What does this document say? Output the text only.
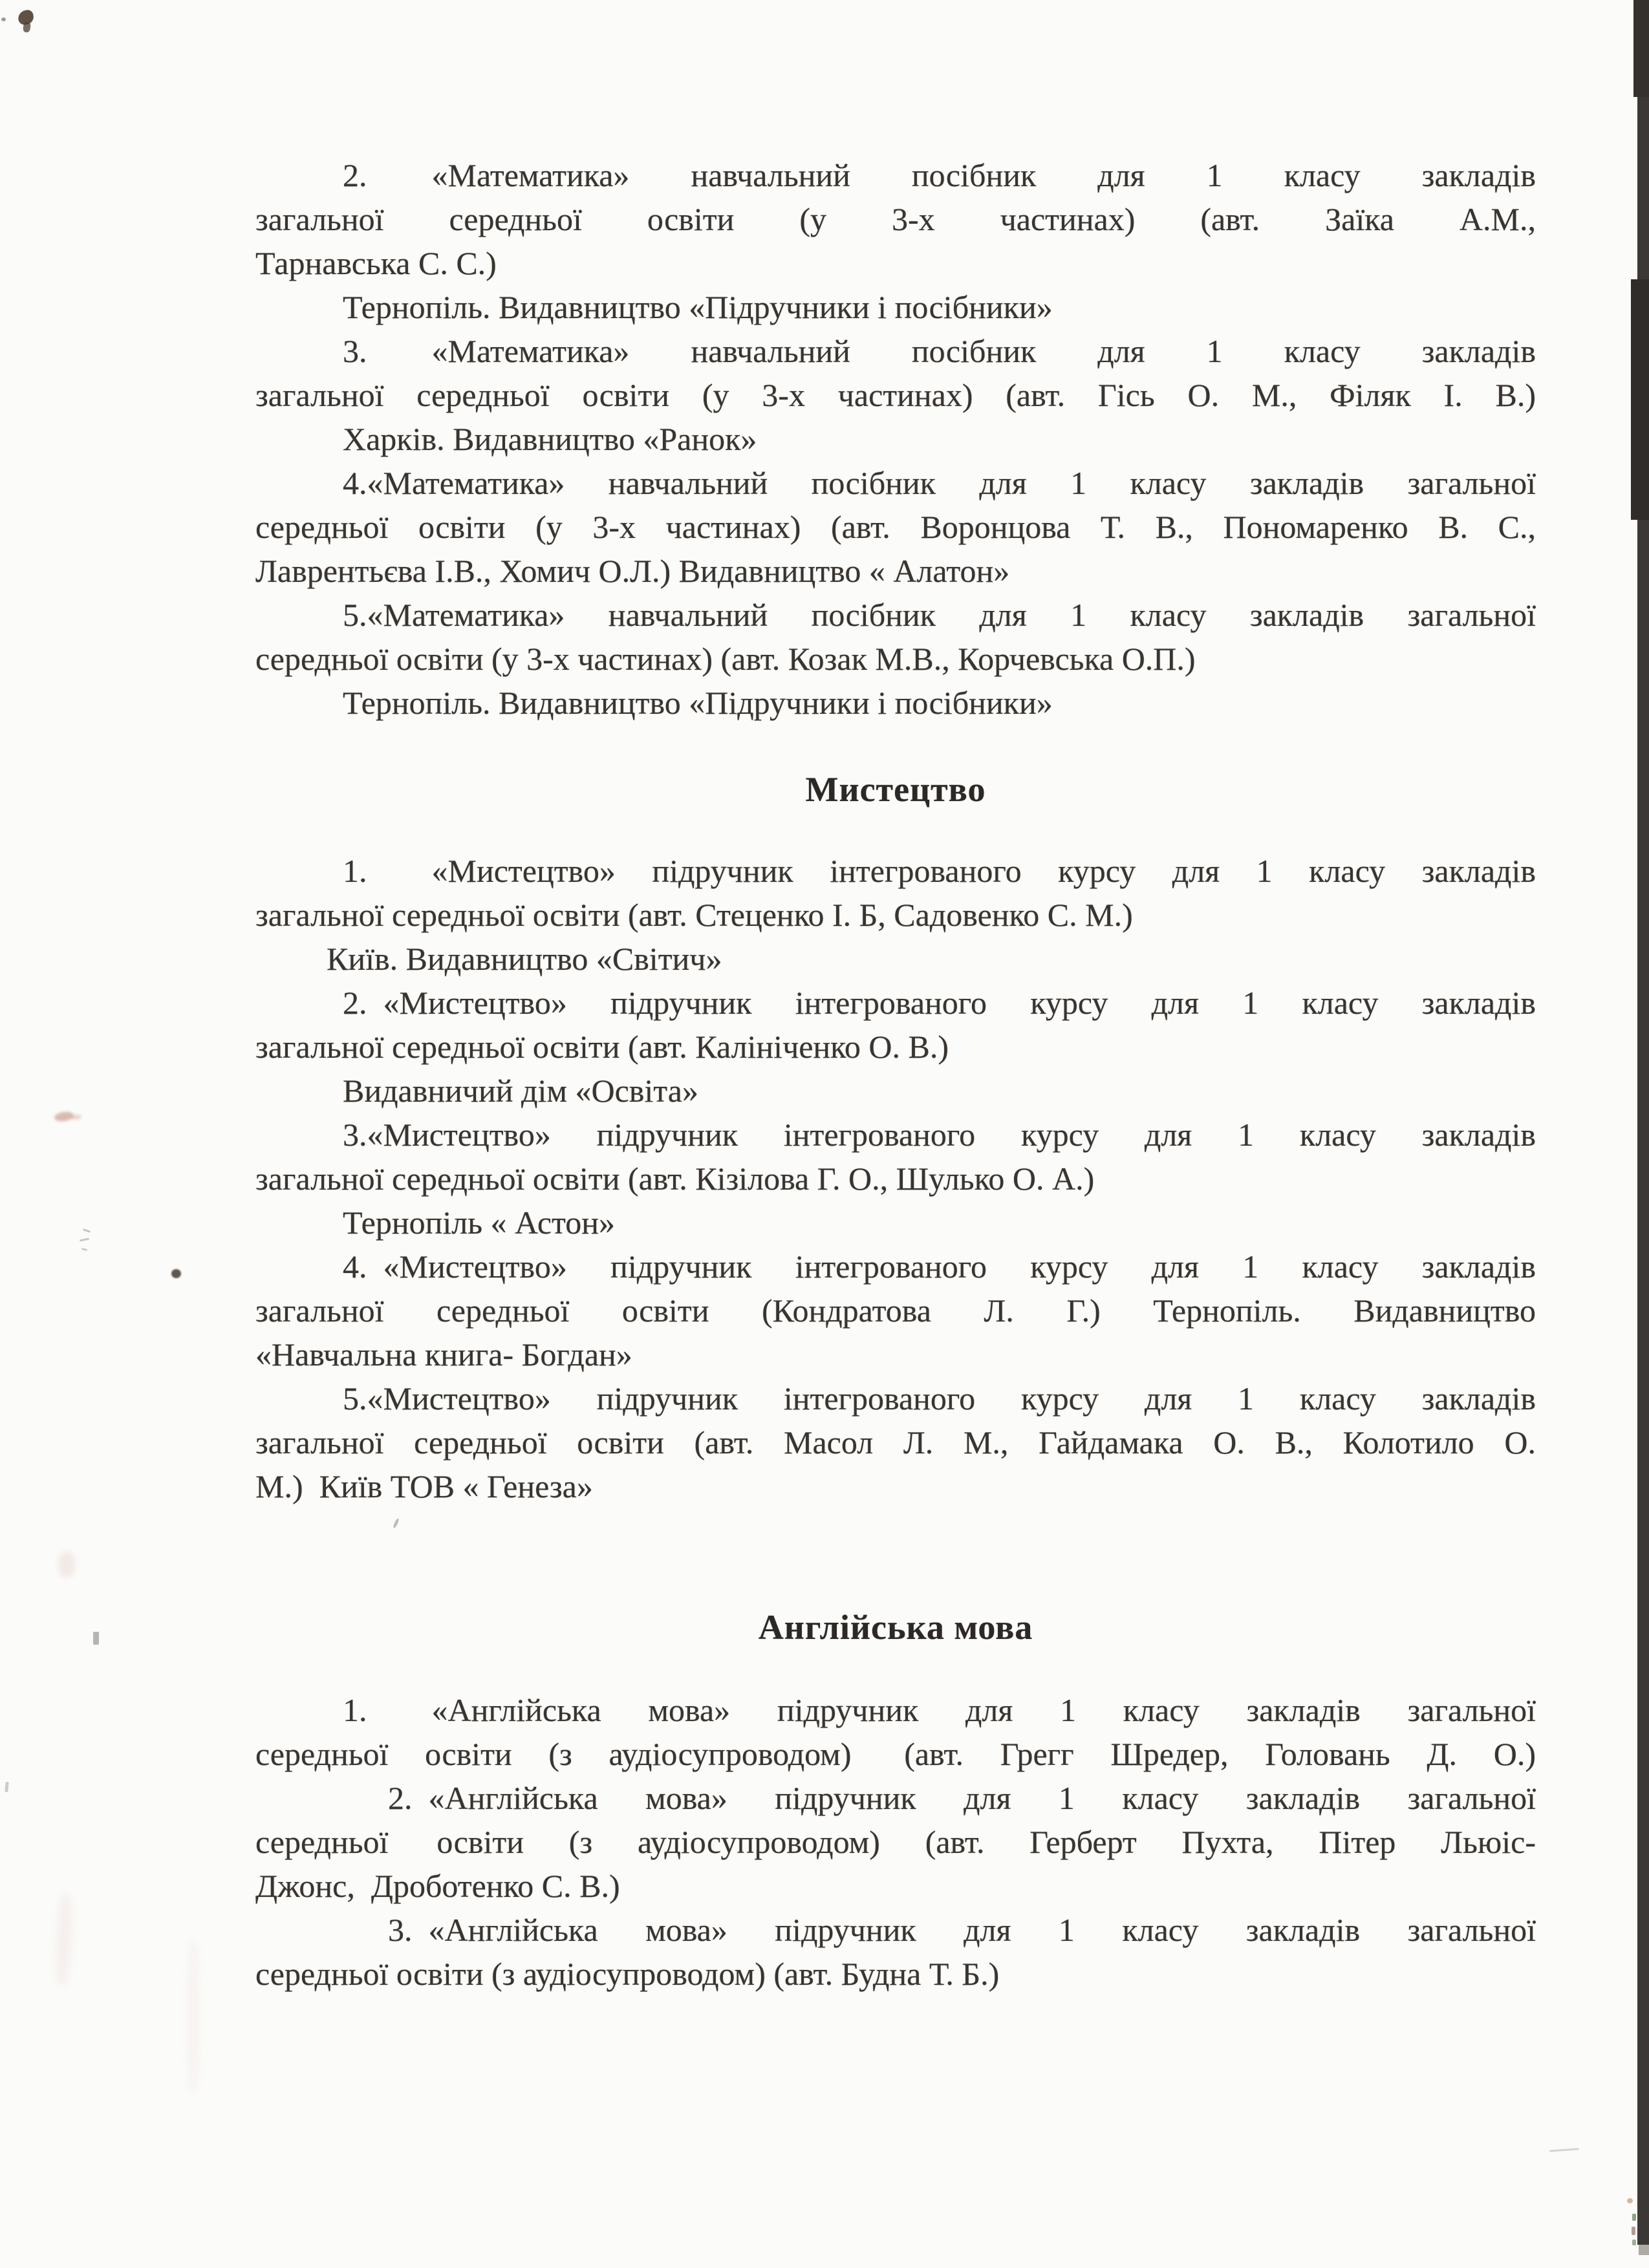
2.  «Математика» навчальний посібник для 1 класу закладів
загальної середньої освіти (у 3-х частинах) (авт. Заїка А.М.,
Тарнавська С. С.)
Тернопіль. Видавництво «Підручники і посібники»
3.  «Математика» навчальний посібник для 1 класу закладів
загальної середньої освіти (у 3-х частинах) (авт. Гісь О. М., Філяк І. В.)
Харків. Видавництво «Ранок»
4.«Математика» навчальний посібник для 1 класу закладів загальної
середньої освіти (у 3-х частинах) (авт. Воронцова Т. В., Пономаренко В. С.,
Лаврентьєва І.В., Хомич О.Л.) Видавництво « Алатон»
5.«Математика» навчальний посібник для 1 класу закладів загальної
середньої освіти (у 3-х частинах) (авт. Козак М.В., Корчевська О.П.)
Тернопіль. Видавництво «Підручники і посібники»
Мистецтво
1.  «Мистецтво» підручник інтегрованого курсу для 1 класу закладів
загальної середньої освіти (авт. Стеценко І. Б, Садовенко С. М.)
Київ. Видавництво «Світич»
2. «Мистецтво» підручник інтегрованого курсу для 1 класу закладів
загальної середньої освіти (авт. Калініченко О. В.)
Видавничий дім «Освіта»
3.«Мистецтво» підручник інтегрованого курсу для 1 класу закладів
загальної середньої освіти (авт. Кізілова Г. О., Шулько О. А.)
Тернопіль « Астон»
4. «Мистецтво» підручник інтегрованого курсу для 1 класу закладів
загальної середньої освіти (Кондратова Л. Г.) Тернопіль. Видавництво
«Навчальна книга- Богдан»
5.«Мистецтво» підручник інтегрованого курсу для 1 класу закладів
загальної середньої освіти (авт. Масол Л. М., Гайдамака О. В., Колотило О.
М.) Київ ТОВ « Генеза»
Англійська мова
1.  «Англійська мова» підручник для 1 класу закладів загальної
середньої освіти (з аудіосупроводом)  (авт. Грегг Шредер, Головань Д. О.)
2. «Англійська мова» підручник для 1 класу закладів загальної
середньої  освіти (з аудіосупроводом) (авт. Герберт Пухта, Пітер Льюіс-
Джонс, Дроботенко С. В.)
3. «Англійська мова» підручник для 1 класу закладів загальної
середньої освіти (з аудіосупроводом) (авт. Будна Т. Б.)
